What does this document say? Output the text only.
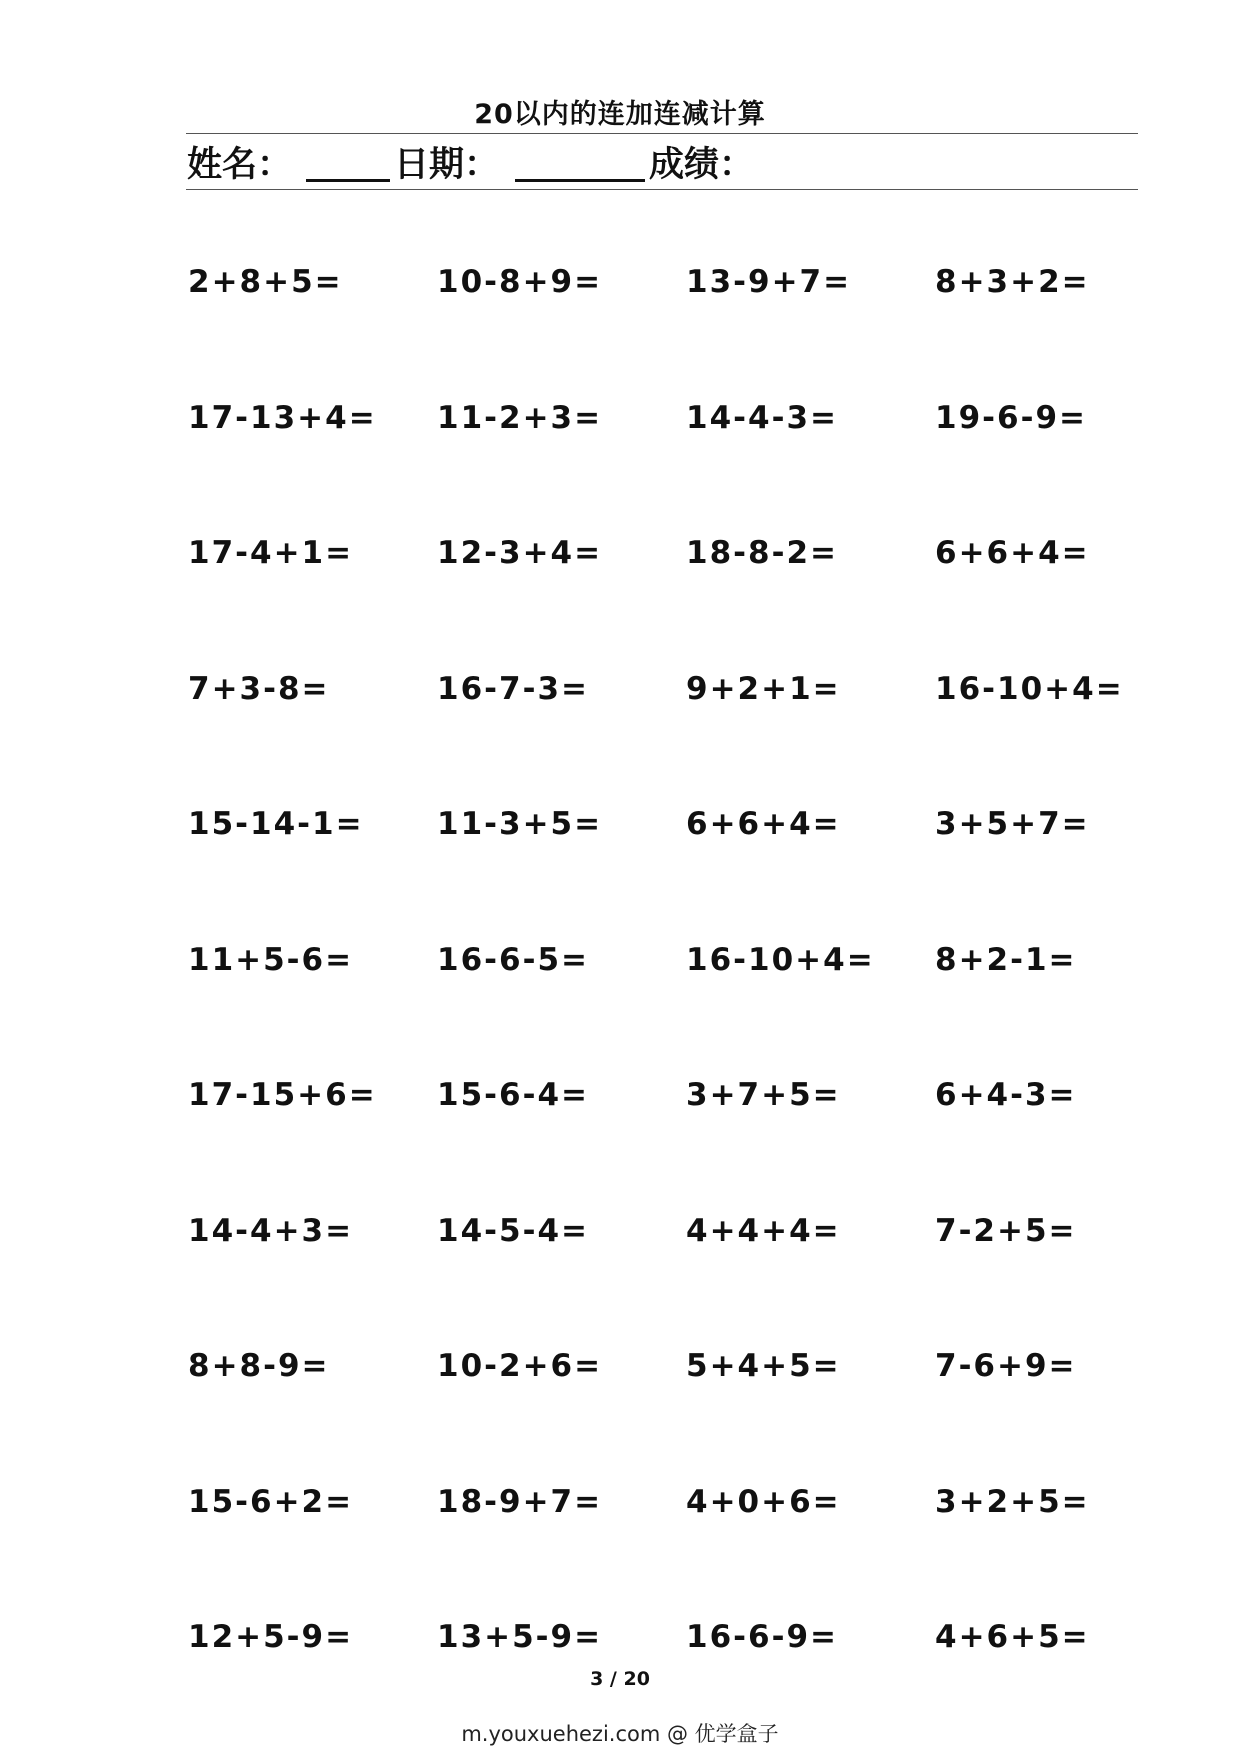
20以内的连加连减计算
姓名：	日期：	成绩：
2+8+5=	10-8+9=	13-9+7=	8+3+2=
17-13+4= 11-2+3=	14-4-3=	19-6-9=
17-4+1=	12-3+4=	18-8-2=	6+6+4=
7+3-8=	16-7-3=	9+2+1=	16-10+4=
15-14-1= 11-3+5=	6+6+4=	3+5+7=
11+5-6=	16-6-5=	16-10+4= 8+2-1=
17-15+6= 15-6-4=	3+7+5=	6+4-3=
14-4+3=	14-5-4=	4+4+4=	7-2+5=
8+8-9=	10-2+6=	5+4+5=	7-6+9=
15-6+2=	18-9+7=	4+0+6=	3+2+5=
12+5-9=	13+5-9=	16-6-9=	4+6+5=
3 / 20
m.youxuehezi.com @ 优学盒子
